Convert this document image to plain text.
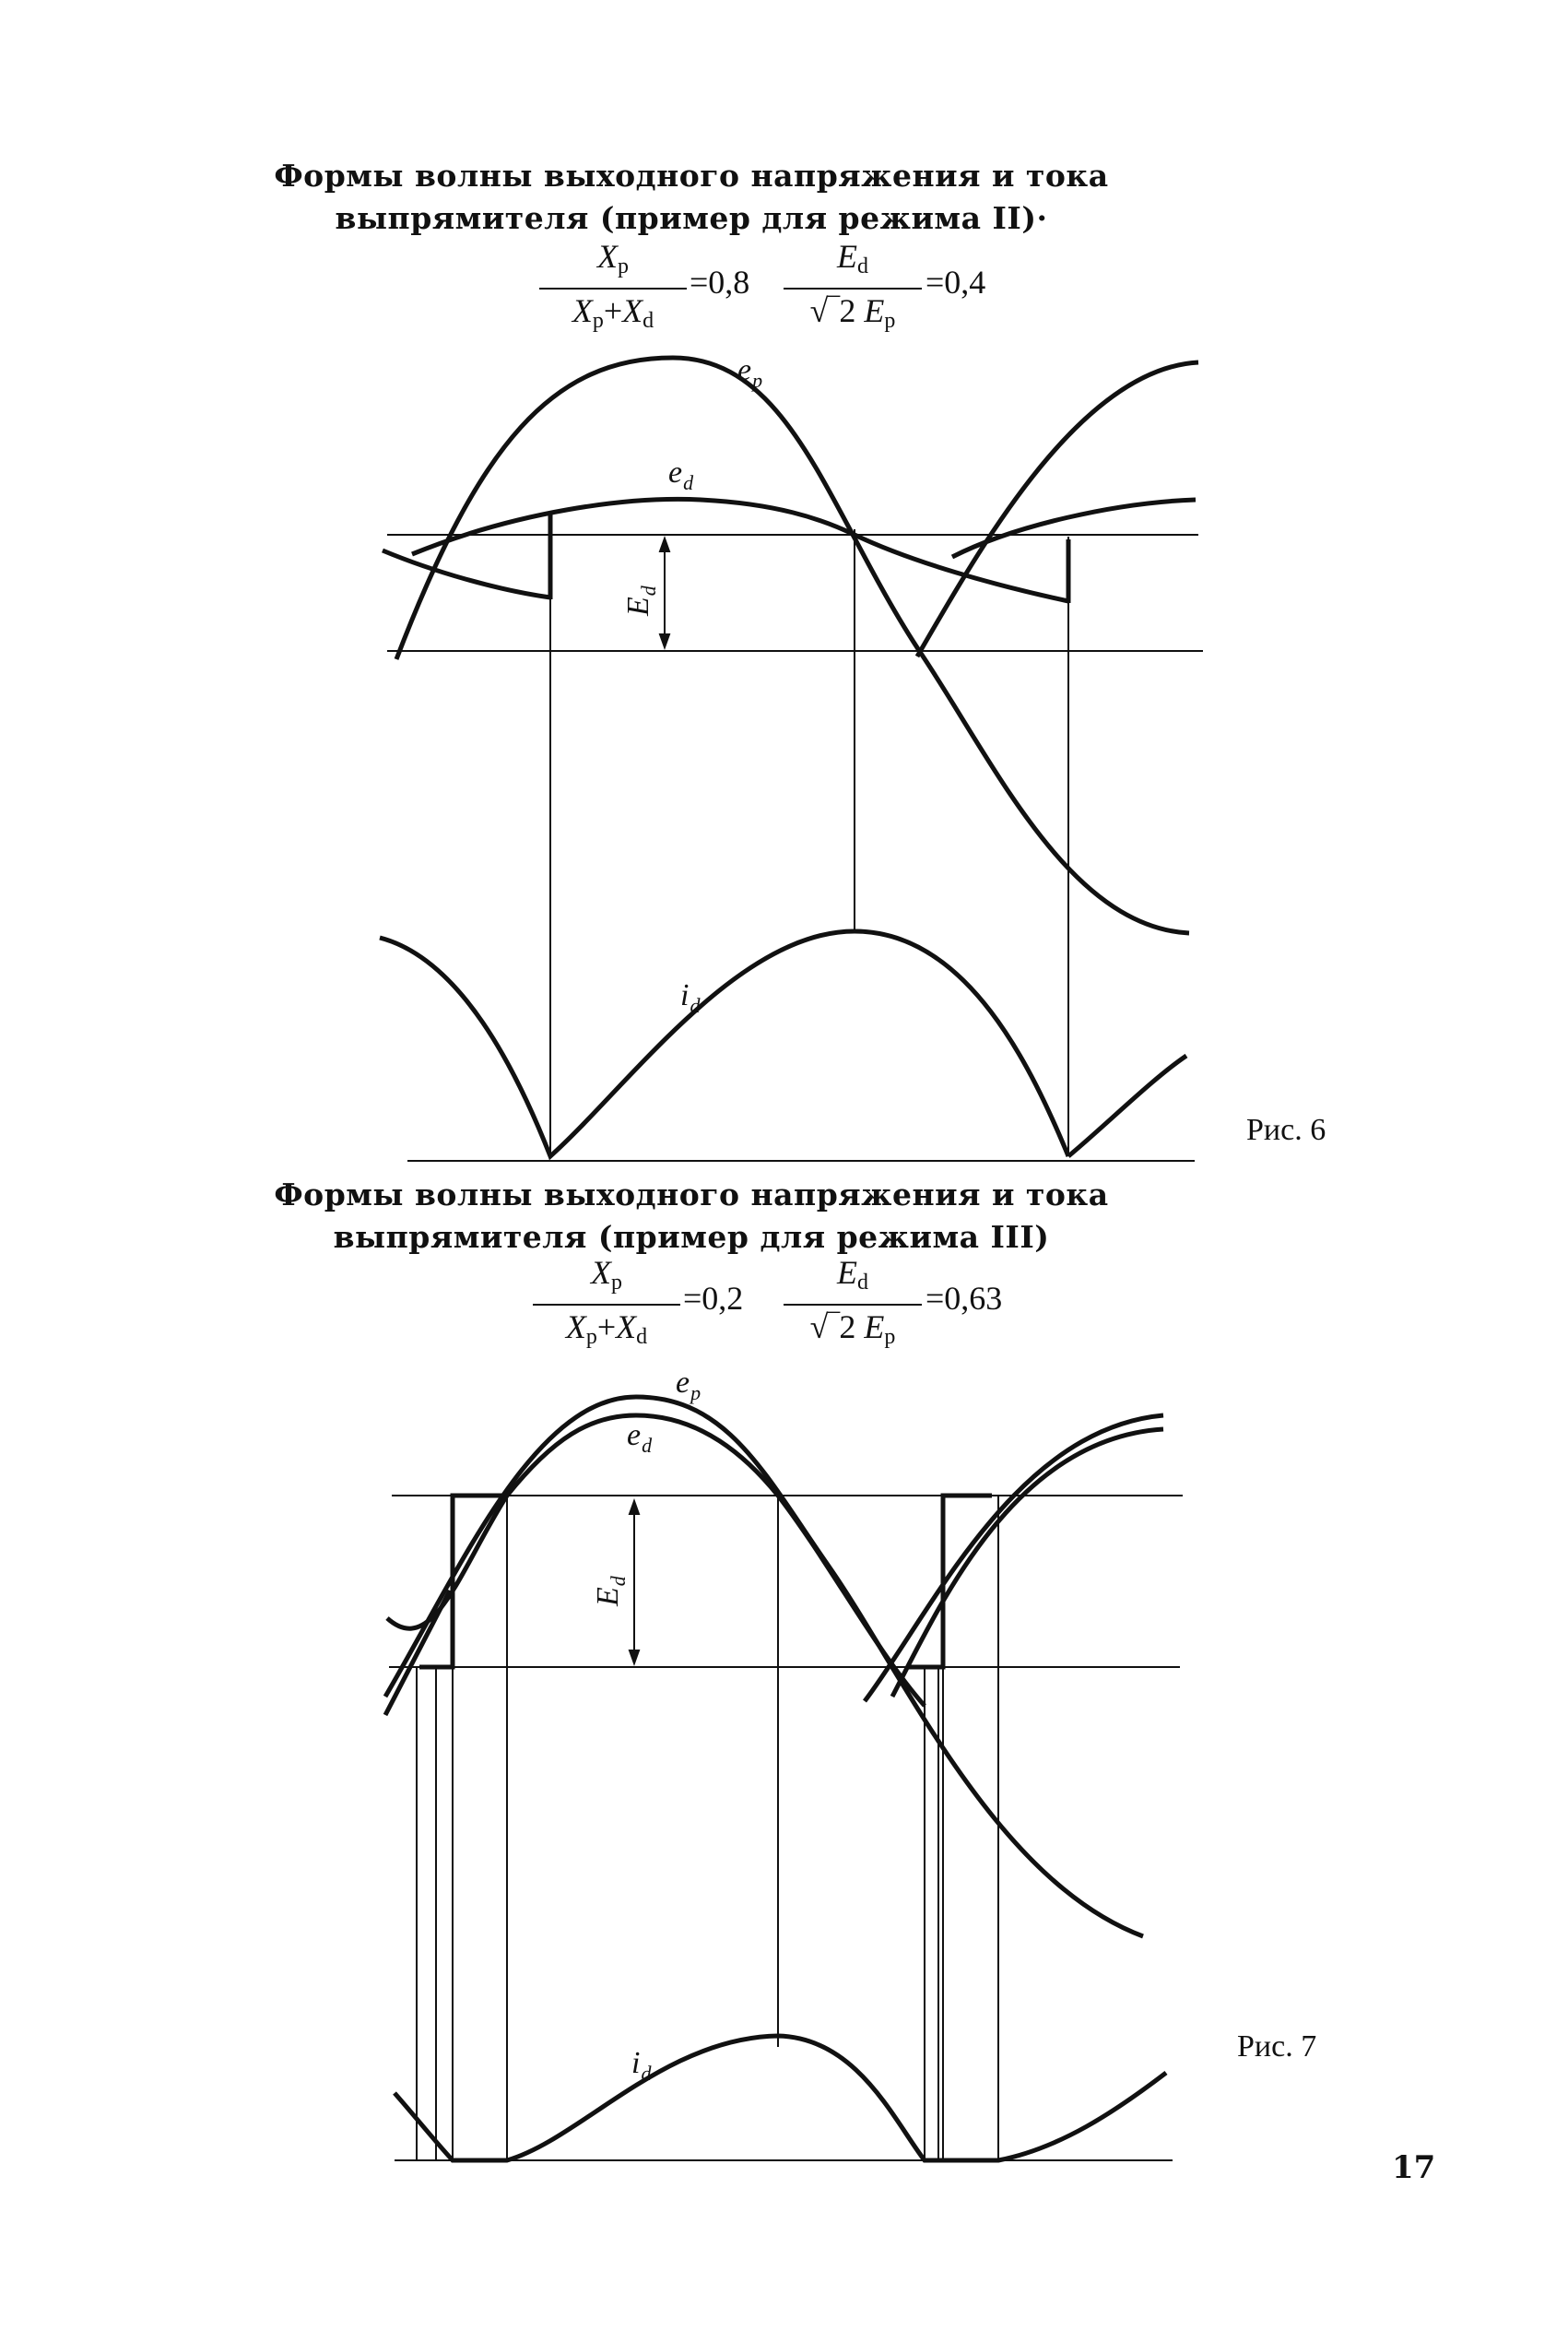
Формы волны выходного напряжения и тока
выпрямителя (пример для режима II)·
$X_p$
$X_p+X_d$
=0,8
$E_d$
√‾2 $E_p$
=0,4
$e_p$
$e_d$
$E_d$
$i_d$
Рис. 6
Формы волны выходного напряжения и тока
выпрямителя (пример для режима III)
$X_p$
$X_p+X_d$
=0,2
$E_d$
√‾2 $E_p$
=0,63
$e_p$
$e_d$
$E_d$
$i_d$
Рис. 7
17
